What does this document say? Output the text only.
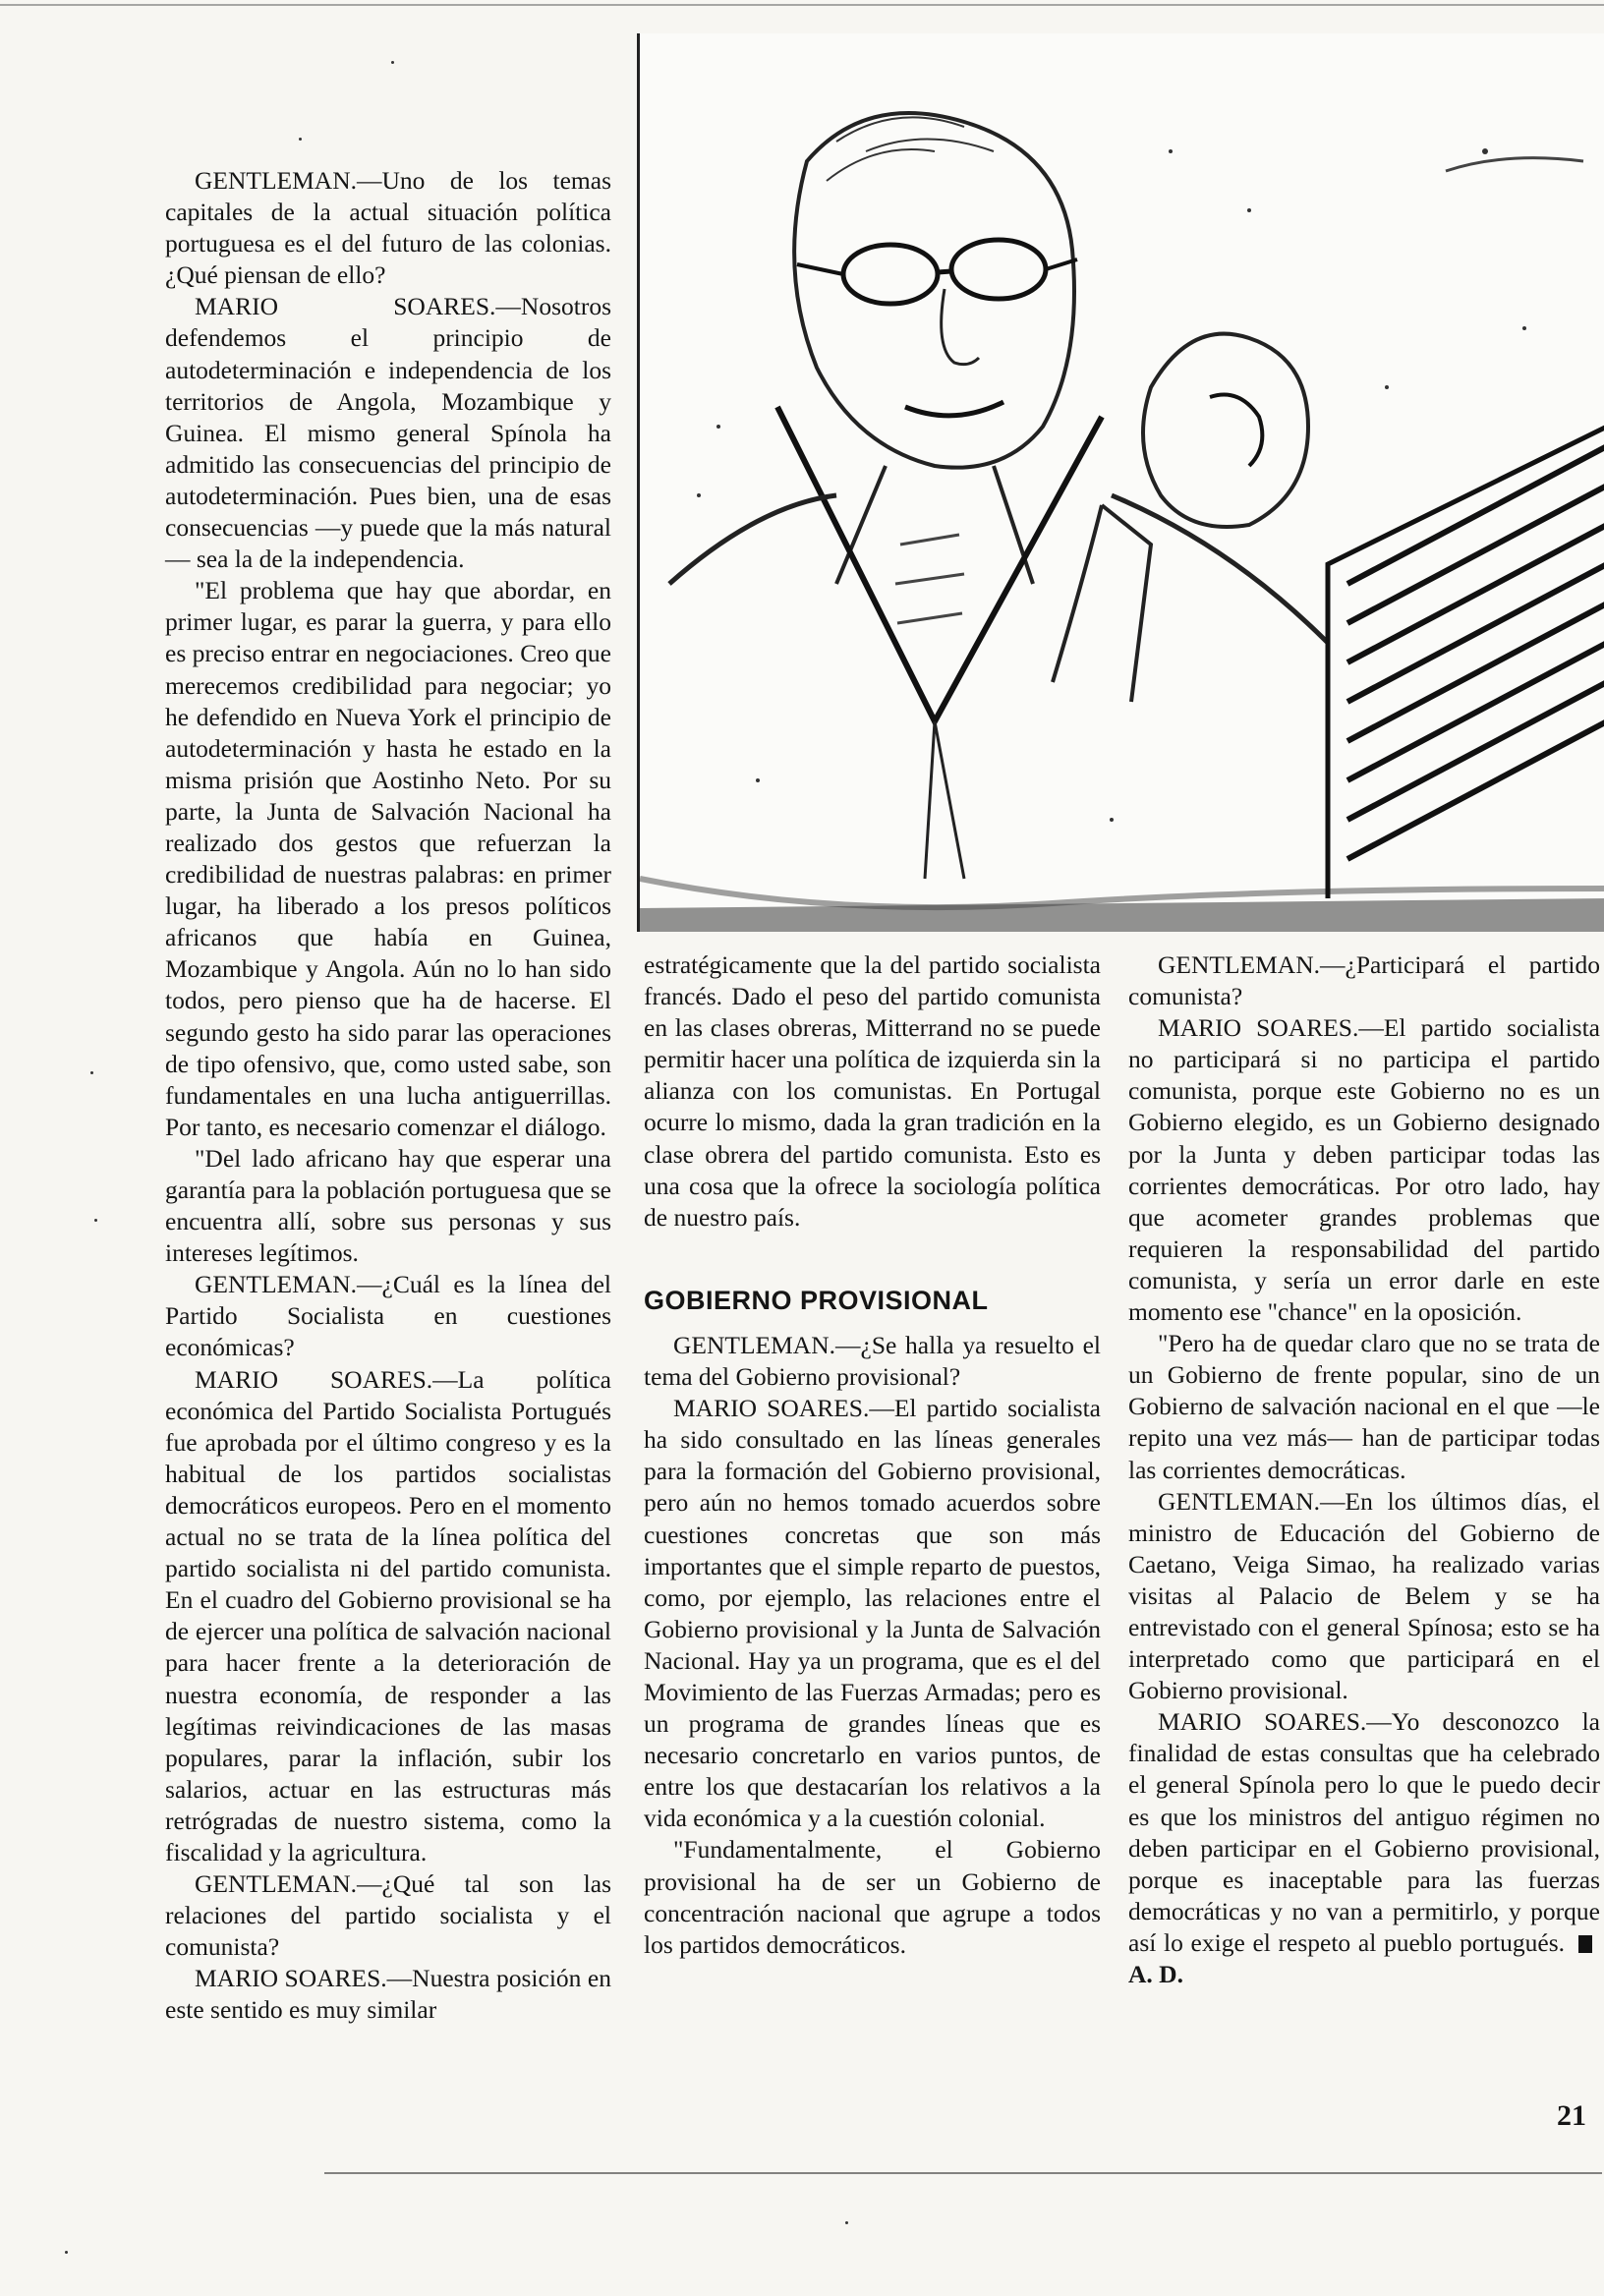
GENTLEMAN.—Uno de los temas capitales de la actual situación política portuguesa es el del futuro de las colonias. ¿Qué piensan de ello?

MARIO SOARES.—Nosotros defendemos el principio de autodeterminación e independencia de los territorios de Angola, Mozambique y Guinea. El mismo general Spínola ha admitido las consecuencias del principio de autodeterminación. Pues bien, una de esas consecuencias —y puede que la más natural— sea la de la independencia.

"El problema que hay que abordar, en primer lugar, es parar la guerra, y para ello es preciso entrar en negociaciones. Creo que merecemos credibilidad para negociar; yo he defendido en Nueva York el principio de autodeterminación y hasta he estado en la misma prisión que Aostinho Neto. Por su parte, la Junta de Salvación Nacional ha realizado dos gestos que refuerzan la credibilidad de nuestras palabras: en primer lugar, ha liberado a los presos políticos africanos que había en Guinea, Mozambique y Angola. Aún no lo han sido todos, pero pienso que ha de hacerse. El segundo gesto ha sido parar las operaciones de tipo ofensivo, que, como usted sabe, son fundamentales en una lucha antiguerrillas. Por tanto, es necesario comenzar el diálogo.

"Del lado africano hay que esperar una garantía para la población portuguesa que se encuentra allí, sobre sus personas y sus intereses legítimos.

GENTLEMAN.—¿Cuál es la línea del Partido Socialista en cuestiones económicas?

MARIO SOARES.—La política económica del Partido Socialista Portugués fue aprobada por el último congreso y es la habitual de los partidos socialistas democráticos europeos. Pero en el momento actual no se trata de la línea política del partido socialista ni del partido comunista. En el cuadro del Gobierno provisional se ha de ejercer una política de salvación nacional para hacer frente a la deterioración de nuestra economía, de responder a las legítimas reivindicaciones de las masas populares, parar la inflación, subir los salarios, actuar en las estructuras más retrógradas de nuestro sistema, como la fiscalidad y la agricultura.

GENTLEMAN.—¿Qué tal son las relaciones del partido socialista y el comunista?

MARIO SOARES.—Nuestra posición en este sentido es muy similar

estratégicamente que la del partido socialista francés. Dado el peso del partido comunista en las clases obreras, Mitterrand no se puede permitir hacer una política de izquierda sin la alianza con los comunistas. En Portugal ocurre lo mismo, dada la gran tradición en la clase obrera del partido comunista. Esto es una cosa que la ofrece la sociología política de nuestro país.

GOBIERNO PROVISIONAL

GENTLEMAN.—¿Se halla ya resuelto el tema del Gobierno provisional?

MARIO SOARES.—El partido socialista ha sido consultado en las líneas generales para la formación del Gobierno provisional, pero aún no hemos tomado acuerdos sobre cuestiones concretas que son más importantes que el simple reparto de puestos, como, por ejemplo, las relaciones entre el Gobierno provisional y la Junta de Salvación Nacional. Hay ya un programa, que es el del Movimiento de las Fuerzas Armadas; pero es un programa de grandes líneas que es necesario concretarlo en varios puntos, de entre los que destacarían los relativos a la vida económica y a la cuestión colonial.

"Fundamentalmente, el Gobierno provisional ha de ser un Gobierno de concentración nacional que agrupe a todos los partidos democráticos.

GENTLEMAN.—¿Participará el partido comunista?

MARIO SOARES.—El partido socialista no participará si no participa el partido comunista, porque este Gobierno no es un Gobierno elegido, es un Gobierno designado por la Junta y deben participar todas las corrientes democráticas. Por otro lado, hay que acometer grandes problemas que requieren la responsabilidad del partido comunista, y sería un error darle en este momento ese "chance" en la oposición.

"Pero ha de quedar claro que no se trata de un Gobierno de frente popular, sino de un Gobierno de salvación nacional en el que —le repito una vez más— han de participar todas las corrientes democráticas.

GENTLEMAN.—En los últimos días, el ministro de Educación del Gobierno de Caetano, Veiga Simao, ha realizado varias visitas al Palacio de Belem y se ha entrevistado con el general Spínosa; esto se ha interpretado como que participará en el Gobierno provisional.

MARIO SOARES.—Yo desconozco la finalidad de estas consultas que ha celebrado el general Spínola pero lo que le puedo decir es que los ministros del antiguo régimen no deben participar en el Gobierno provisional, porque es inaceptable para las fuerzas democráticas y no van a permitirlo, y porque así lo exige el respeto al pueblo portugués.A. D.

21
